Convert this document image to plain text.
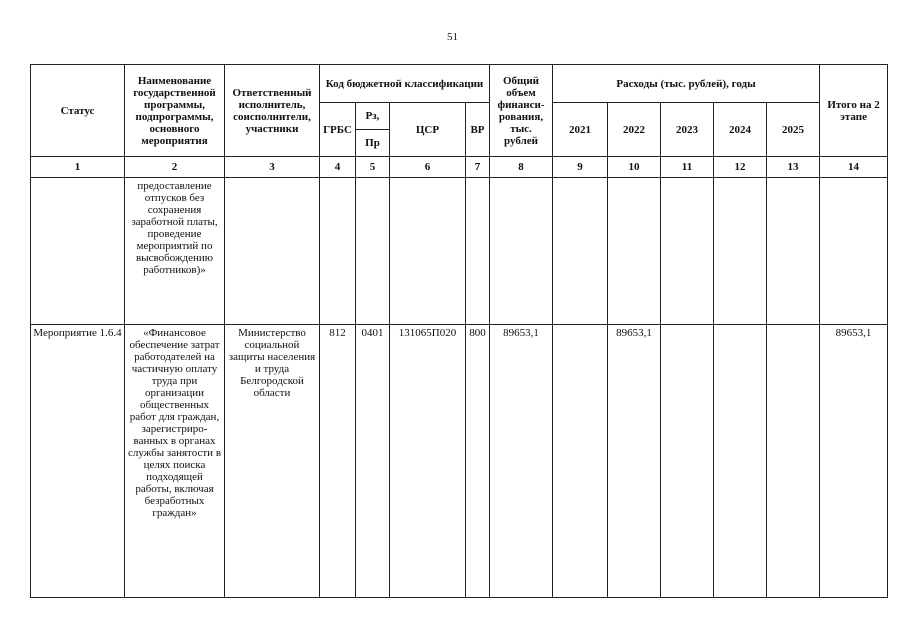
51
Статус	Наименование государственной программы, подпрограммы, основного мероприятия	Ответственный исполнитель, соисполнители, участники	Код бюджетной классификации				Общий объем финанси-рования, тыс. рублей	Расходы (тыс. рублей), годы					Итого на 2 этапе
			ГРБС	Рз,	ЦСР	ВР		2021	2022	2023	2024	2025	
				Пр									
1	2	3	4	5	6	7	8	9	10	11	12	13	14
	предоставление отпусков без сохранения заработной платы, проведение мероприятий по высвобождению работников)»												
Мероприятие 1.6.4	«Финансовое обеспечение затрат работодателей на частичную оплату труда при организации общественных работ для граждан, зарегистриро-ванных в органах службы занятости в целях поиска подходящей работы, включая безработных граждан»	Министерство социальной защиты населения и труда Белгородской области	812	0401	131065П020	800	89653,1		89653,1				89653,1
